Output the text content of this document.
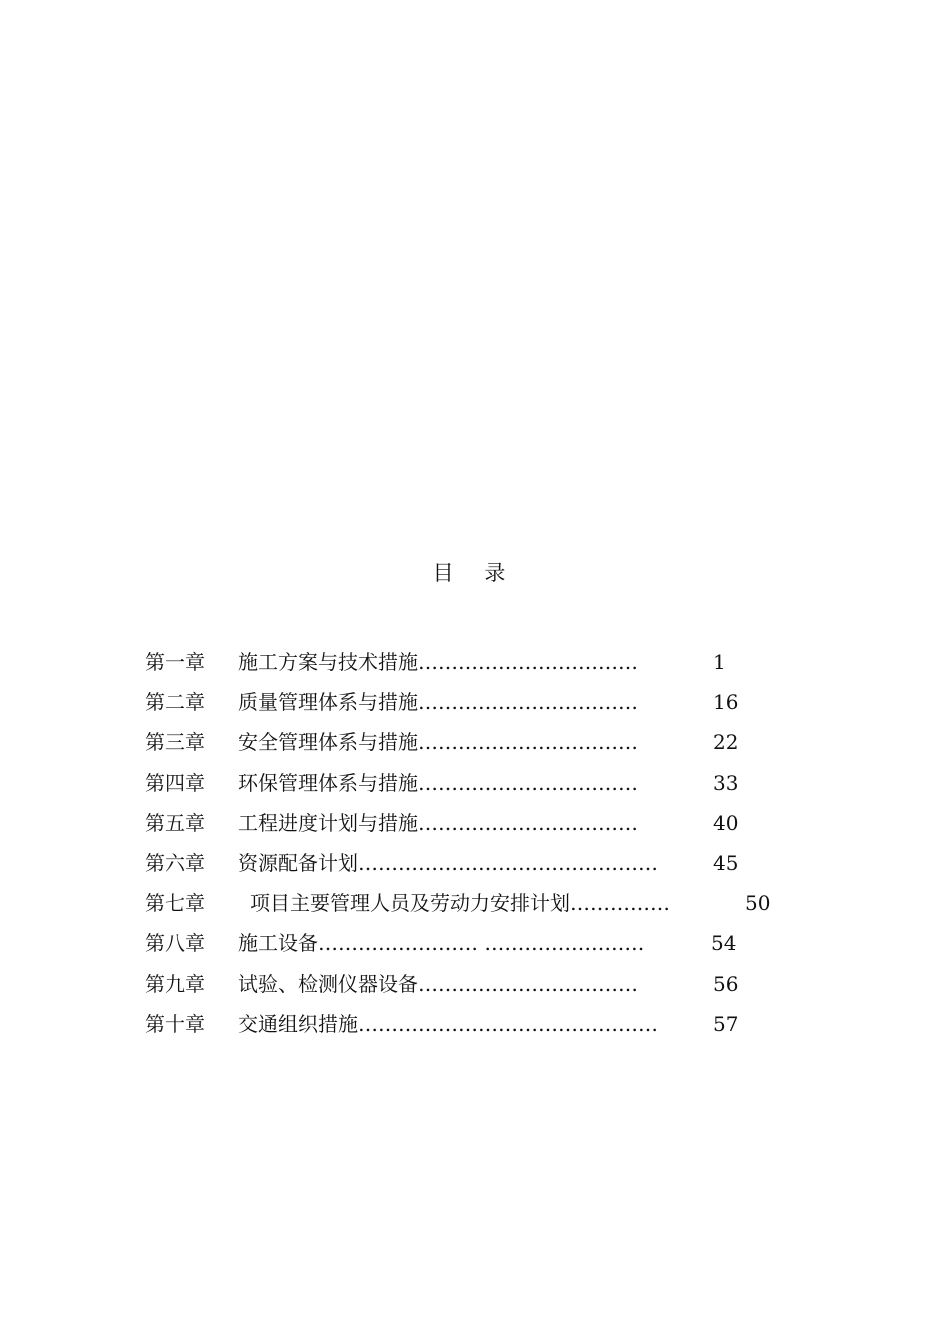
目 录
第一章 施工方案与技术措施……………………………	1
第二章 质量管理体系与措施……………………………	16
第三章 安全管理体系与措施……………………………	22
第四章 环保管理体系与措施……………………………	33
第五章 工程进度计划与措施……………………………	40
第六章 资源配备计划………………………………………	45
第七章 项目主要管理人员及劳动力安排计划……………	50
第八章 施工设备…………………… ……………………	54
第九章 试验、检测仪器设备……………………………	56
第十章 交通组织措施………………………………………	57
